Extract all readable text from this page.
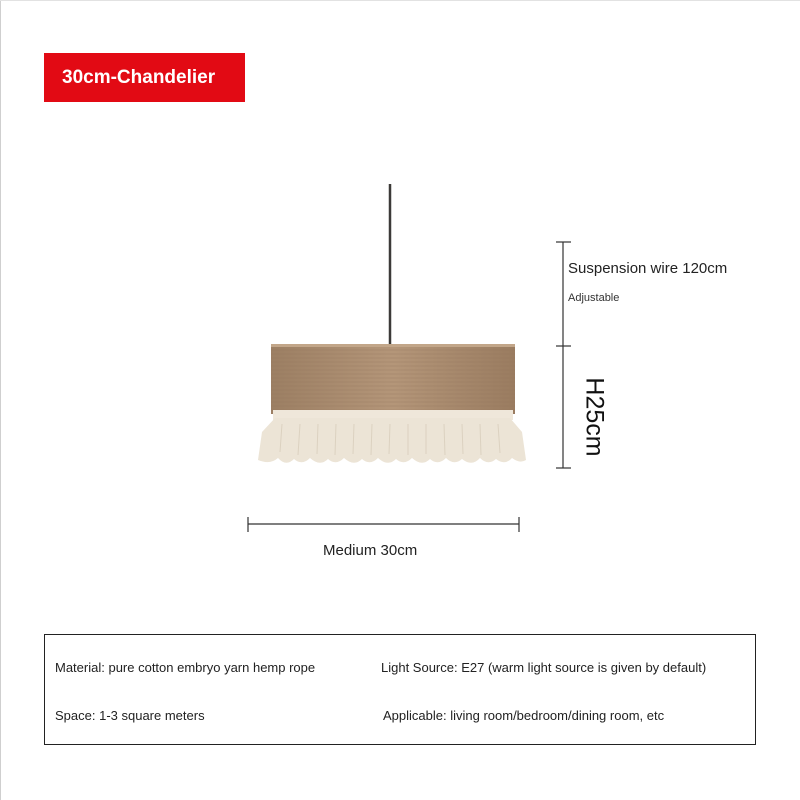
30cm-Chandelier
Suspension wire 120cm
Adjustable
H25cm
Medium 30cm
Material: pure cotton embryo yarn hemp rope	Light Source: E27 (warm light source is given by default)
Space: 1-3 square meters	Applicable: living room/bedroom/dining room, etc
